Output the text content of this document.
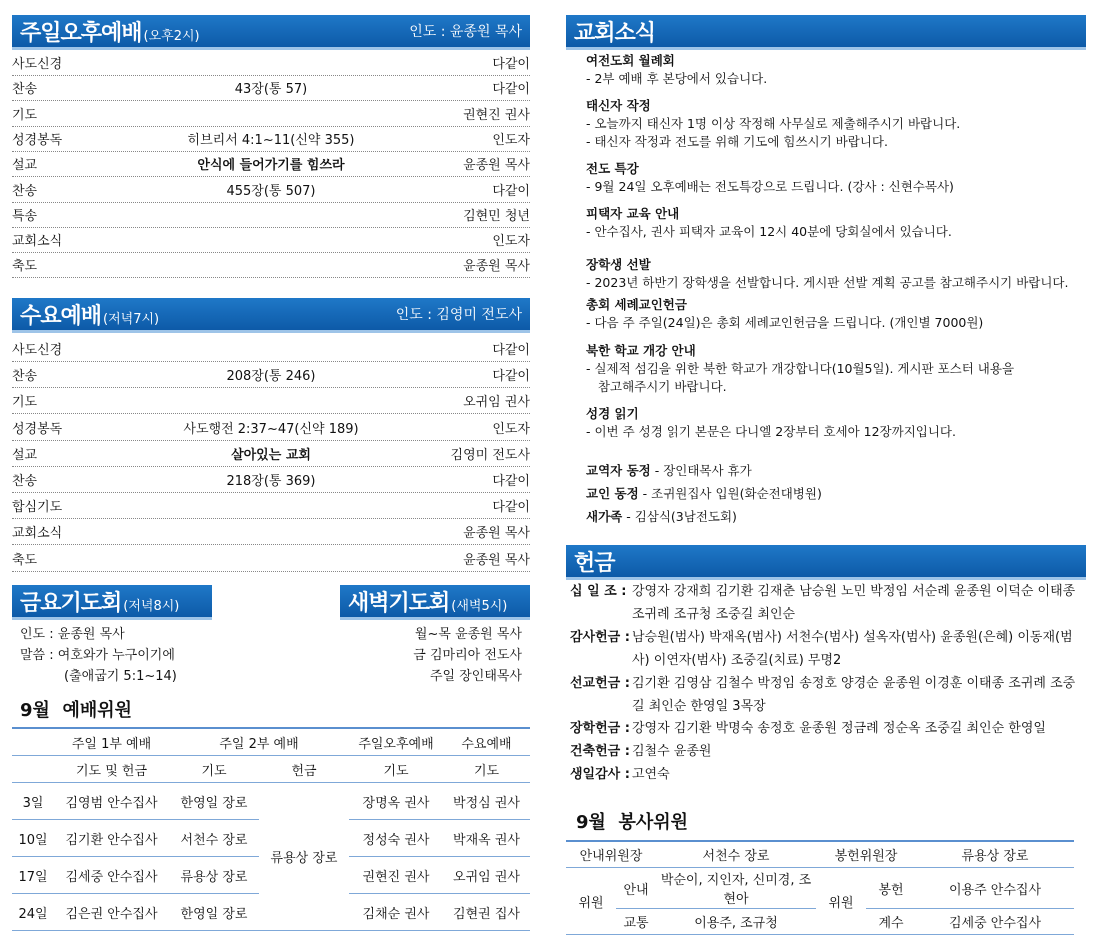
주일오후예배 (오후2시)	인도 : 윤종원 목사
사도신경	다같이
찬송	43장(통 57)	다같이
기도	권현진 권사
성경봉독	히브리서 4:1~11(신약 355)	인도자
설교	안식에 들어가기를 힘쓰라	윤종원 목사
찬송	455장(통 507)	다같이
특송	김현민 청년
교회소식	인도자
축도	윤종원 목사
수요예배 (저녁7시)	인도 : 김영미 전도사
사도신경	다같이
찬송	208장(통 246)	다같이
기도	오귀임 권사
성경봉독	사도행전 2:37~47(신약 189)	인도자
설교	살아있는 교회	김영미 전도사
찬송	218장(통 369)	다같이
합심기도	다같이
교회소식	윤종원 목사
축도	윤종원 목사
금요기도회 (저녁8시)	새벽기도회 (새벽5시)
인도 : 윤종원 목사
말씀 : 여호와가 누구이기에
(출애굽기 5:1~14)
월~목 윤종원 목사
금 김마리아 전도사
주일 장인태목사
9월  예배위원
	주일 1부 예배	주일 2부 예배		주일오후예배	수요예배
	기도 및 헌금	기도	헌금	기도	기도
3일	김영범 안수집사	한영일 장로	류용상 장로	장명옥 권사	박정심 권사
10일	김기환 안수집사	서천수 장로		정성숙 권사	박재옥 권사
17일	김세중 안수집사	류용상 장로		권현진 권사	오귀임 권사
24일	김은권 안수집사	한영일 장로		김채순 권사	김현권 집사
교회소식
여전도회 월례회
- 2부 예배 후 본당에서 있습니다.
태신자 작정
- 오늘까지 태신자 1명 이상 작정해 사무실로 제출해주시기 바랍니다.
- 태신자 작정과 전도를 위해 기도에 힘쓰시기 바랍니다.
전도 특강
- 9월 24일 오후예배는 전도특강으로 드립니다. (강사 : 신현수목사)
피택자 교육 안내
- 안수집사, 권사 피택자 교육이 12시 40분에 당회실에서 있습니다.
장학생 선발
- 2023년 하반기 장학생을 선발합니다. 게시판 선발 계획 공고를 참고해주시기 바랍니다.
총회 세례교인헌금
- 다음 주 주일(24일)은 총회 세례교인헌금을 드립니다. (개인별 7000원)
북한 학교 개강 안내
- 실제적 섬김을 위한 북한 학교가 개강합니다(10월5일). 게시판 포스터 내용을
참고해주시기 바랍니다.
성경 읽기
- 이번 주 성경 읽기 본문은 다니엘 2장부터 호세아 12장까지입니다.
교역자 동정 - 장인태목사 휴가
교인 동정 - 조귀원집사 입원(화순전대병원)
새가족 - 김삼식(3남전도회)
헌금
십 일 조 : 강영자 강재희 김기환 김재춘 남승원 노민 박정임 서순례 윤종원 이덕순 이태종 조귀례 조규청 조중길 최인순
감사헌금 : 남승원(범사) 박재옥(범사) 서천수(범사) 설옥자(범사) 윤종원(은혜) 이동재(범사) 이연자(범사) 조중길(치료) 무명2
선교헌금 : 김기환 김영삼 김철수 박정임 송정호 양경순 윤종원 이경훈 이태종 조귀례 조중길 최인순 한영일 3목장
장학헌금 : 강영자 김기환 박명숙 송정호 윤종원 정금례 정순옥 조중길 최인순 한영일
건축헌금 : 김철수 윤종원
생일감사 : 고연숙
9월  봉사위원
안내위원장		서천수 장로	봉헌위원장		류용상 장로
위원	안내	박순이, 지인자, 신미경, 조현아	위원	봉헌	이용주 안수집사
	교통	이용주, 조규청		계수	김세중 안수집사
